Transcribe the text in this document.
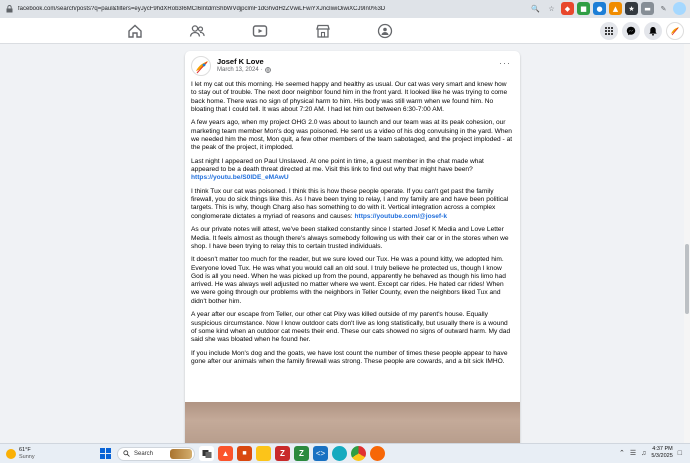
facebook.com/search/posts?q=paul&filters=eyJycF9hdXRob3I6MCI6IntdmShbWVdjpclmF1dGhvdHzZVwiLFwiYXJncliwiOiwiXCJ9In0%3D	🔍	☆	◆	■	●	▲	★	▬	✎
Josef K Love
March 13, 2024 ·
···

I let my cat out this morning. He seemed happy and healthy as usual. Our cat was very smart and knew how to stay out of trouble. The next door neighbor found him in the front yard. It looked like he was trying to come back home. There was no sign of physical harm to him. His body was still warm when we found him. No bloating that I could tell. It was about 7:20 AM. I had let him out between 6:30-7:00 AM.

A few years ago, when my project OHG 2.0 was about to launch and our team was at its peak cohesion, our marketing team member Mon's dog was poisoned. He sent us a video of his dog convulsing in the yard. When we needed him the most, Mon quit, a few other members of the team sabotaged, and the project imploded - at the peak of the project, it imploded.

Last night I appeared on Paul Unslaved. At one point in time, a guest member in the chat made what appeared to be a death threat directed at me. Visit this link to find out why that might have been? https://youtu.be/S0lDE_eMAwU

I think Tux our cat was poisoned. I think this is how these people operate. If you can't get past the family firewall, you do sick things like this. As I have been trying to relay, I and my family are and have been political targets. This is why, though Charg also has something to do with it. Vertical integration across a complex conglomerate dictates a myriad of reasons and causes: https://youtube.com/@josef-k

As our private notes will attest, we've been stalked constantly since I started Josef K Media and Love Letter Media. It feels almost as though there's always somebody following us with their car or in the stores when we shop. I have been trying to relay this to certain trusted individuals.

It doesn't matter too much for the reader, but we sure loved our Tux. He was a pound kitty, we adopted him. Everyone loved Tux. He was what you would call an old soul. I truly believe he protected us, though I know God is all you need. When he was picked up from the pound, apparently he behaved as though his limo had arrived. He was always well adjusted no matter where we went. Except car rides. He hated car rides! When we were going through our problems with the neighbors in Teller County, even the neighbors liked Tux and didn't bother him.

A year after our escape from Teller, our other cat Pixy was killed outside of my parent's house. Equally suspicious circumstance. Now I know outdoor cats don't live as long statistically, but usually there is a wound of some kind when an outdoor cat meets their end. These our cats showed no signs of outward harm. My dad said she was bloated when he found her.

If you include Mon's dog and the goats, we have lost count the number of times these people appear to have gone after our animals when the family firewall was strong. These people are cowards, and a bit sick IMHO.

61°F
Sunny	Search	▲	■	Z	Z	<>	⌃ ☰ ♫
4:37 PM
5/3/2025 □
